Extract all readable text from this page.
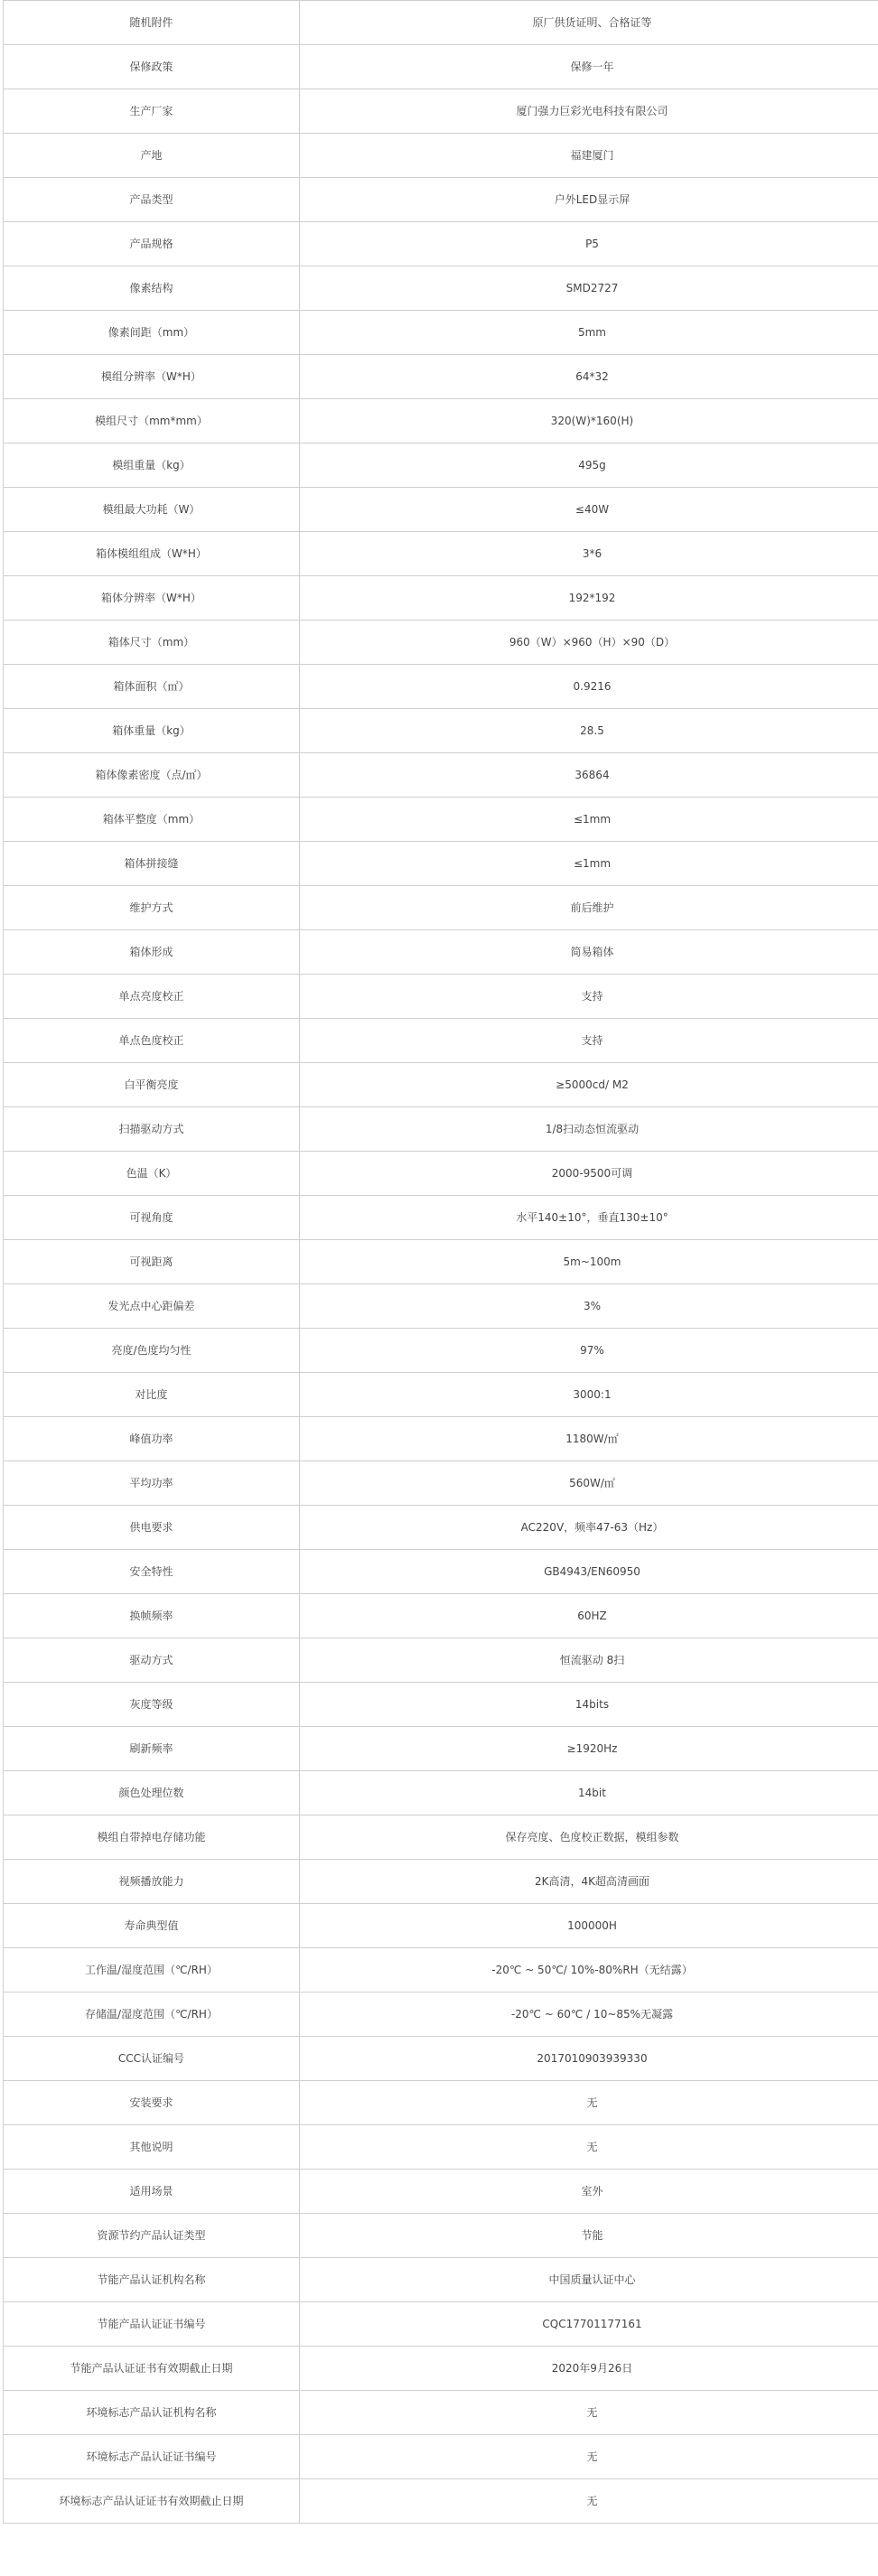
随机附件	原厂供货证明、合格证等
保修政策	保修一年
生产厂家	厦门强力巨彩光电科技有限公司
产地	福建厦门
产品类型	户外LED显示屏
产品规格	P5
像素结构	SMD2727
像素间距（mm）	5mm
模组分辨率（W*H）	64*32
模组尺寸（mm*mm）	320(W)*160(H)
模组重量（kg）	495g
模组最大功耗（W）	≤40W
箱体模组组成（W*H）	3*6
箱体分辨率（W*H）	192*192
箱体尺寸（mm）	960（W）×960（H）×90（D）
箱体面积（㎡）	0.9216
箱体重量（kg）	28.5
箱体像素密度（点/㎡）	36864
箱体平整度（mm）	≤1mm
箱体拼接缝	≤1mm
维护方式	前后维护
箱体形成	简易箱体
单点亮度校正	支持
单点色度校正	支持
白平衡亮度	≥5000cd/ M2
扫描驱动方式	1/8扫动态恒流驱动
色温（K）	2000-9500可调
可视角度	水平140±10°，垂直130±10°
可视距离	5m~100m
发光点中心距偏差	3%
亮度/色度均匀性	97%
对比度	3000:1
峰值功率	1180W/㎡
平均功率	560W/㎡
供电要求	AC220V，频率47-63（Hz）
安全特性	GB4943/EN60950
换帧频率	60HZ
驱动方式	恒流驱动 8扫
灰度等级	14bits
刷新频率	≥1920Hz
颜色处理位数	14bit
模组自带掉电存储功能	保存亮度、色度校正数据，模组参数
视频播放能力	2K高清，4K超高清画面
寿命典型值	100000H
工作温/湿度范围（℃/RH）	-20℃ ~ 50℃/ 10%-80%RH（无结露）
存储温/湿度范围（℃/RH）	-20℃ ~ 60℃ / 10~85%无凝露
CCC认证编号	2017010903939330
安装要求	无
其他说明	无
适用场景	室外
资源节约产品认证类型	节能
节能产品认证机构名称	中国质量认证中心
节能产品认证证书编号	CQC17701177161
节能产品认证证书有效期截止日期	2020年9月26日
环境标志产品认证机构名称	无
环境标志产品认证证书编号	无
环境标志产品认证证书有效期截止日期	无
